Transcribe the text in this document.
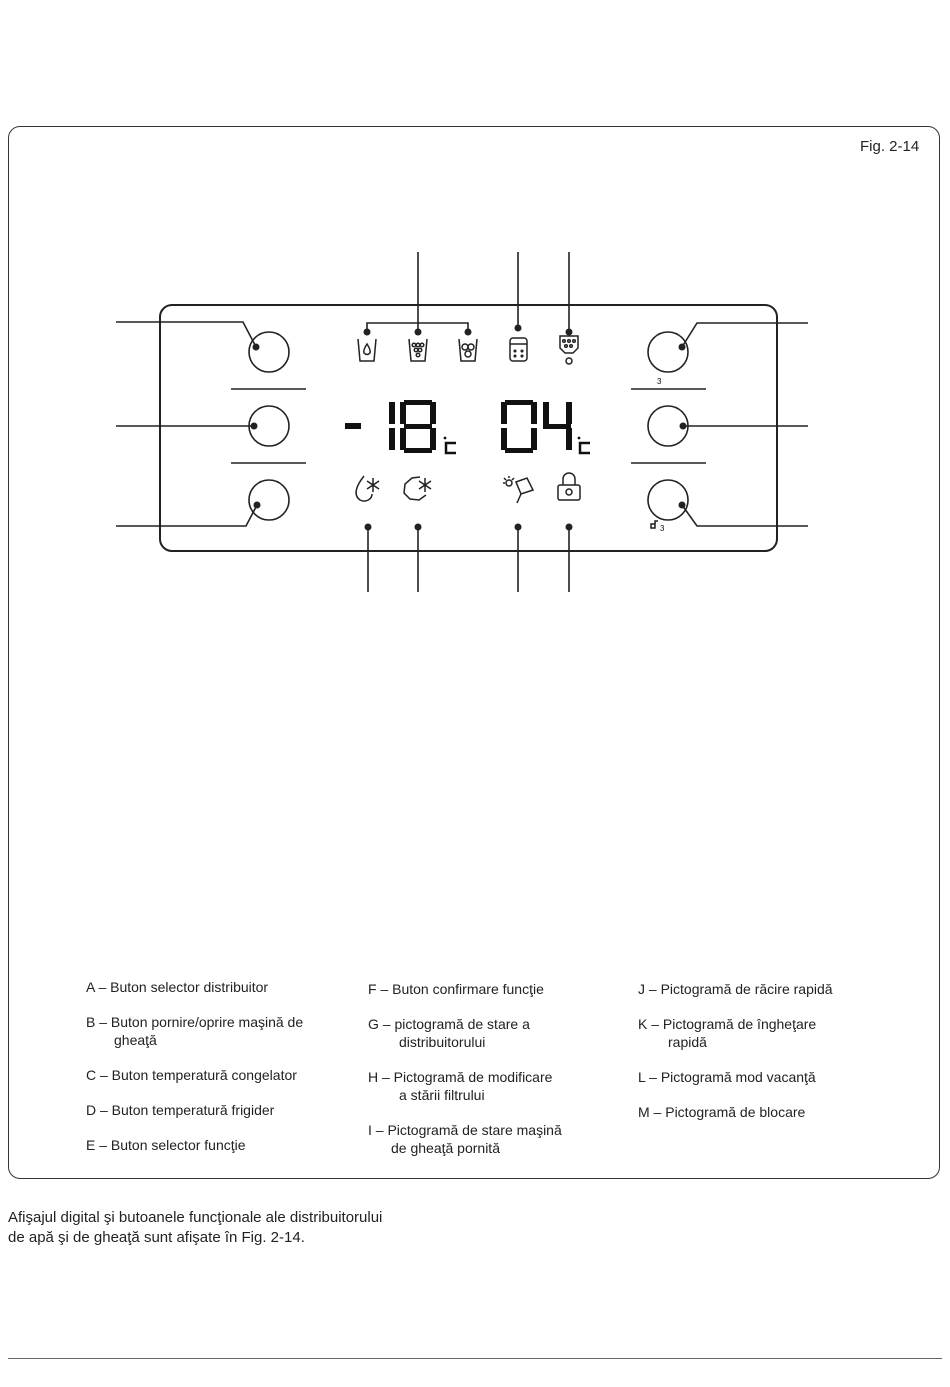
Fig. 2-14
3
3
A – Buton selector distribuitor
B – Buton pornire/oprire maşină de
gheaţă
C – Buton temperatură congelator
D – Buton temperatură frigider
E – Buton selector funcţie
F – Buton confirmare funcţie
G – pictogramă de stare a
distribuitorului
H – Pictogramă de modificare
a stării filtrului
I – Pictogramă de stare maşină
de gheaţă pornită
J – Pictogramă de răcire rapidă
K – Pictogramă de îngheţare
rapidă
L – Pictogramă mod vacanţă
M – Pictogramă de blocare
Afişajul digital şi butoanele funcţionale ale distribuitorului
de apă şi de gheaţă sunt afişate în Fig. 2-14.
